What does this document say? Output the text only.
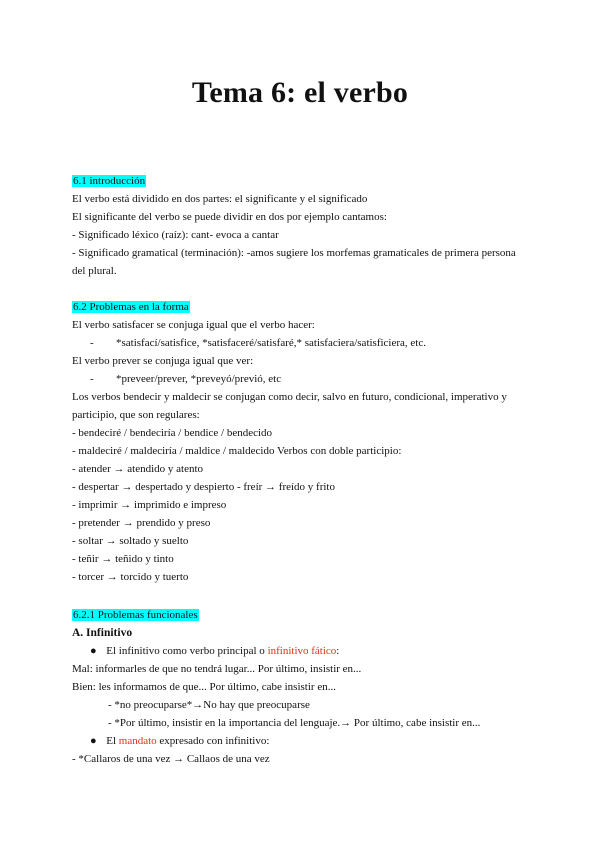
Tema 6: el verbo
6.1 introducción
El verbo está dividido en dos partes: el significante y el significado
El significante del verbo se puede dividir en dos por ejemplo cantamos:
- Significado léxico (raíz): cant- evoca a cantar
- Significado gramatical (terminación): -amos sugiere los morfemas gramaticales de primera persona
del plural.
6.2 Problemas en la forma
El verbo satisfacer se conjuga igual que el verbo hacer:
- *satisfací/satisfice, *satisfaceré/satisfaré,* satisfaciera/satisficiera, etc.
El verbo prever se conjuga igual que ver:
- *preveer/prever, *preveyó/previó, etc
Los verbos bendecir y maldecir se conjugan como decir, salvo en futuro, condicional, imperativo y
participio, que son regulares:
- bendeciré / bendeciría / bendice / bendecido
- maldeciré / maldeciría / maldice / maldecido Verbos con doble participio:
- atender → atendido y atento
- despertar → despertado y despierto - freír → freído y frito
- imprimir → imprimido e impreso
- pretender → prendido y preso
- soltar → soltado y suelto
- teñir → teñido y tinto
- torcer → torcido y tuerto
6.2.1 Problemas funcionales
A. Infinitivo
● El infinitivo como verbo principal o infinitivo fático:
Mal: informarles de que no tendrá lugar... Por último, insistir en...
Bien: les informamos de que... Por último, cabe insistir en...
- *no preocuparse*→No hay que preocuparse
- *Por último, insistir en la importancia del lenguaje.→ Por último, cabe insistir en...
● El mandato expresado con infinitivo:
- *Callaros de una vez → Callaos de una vez
